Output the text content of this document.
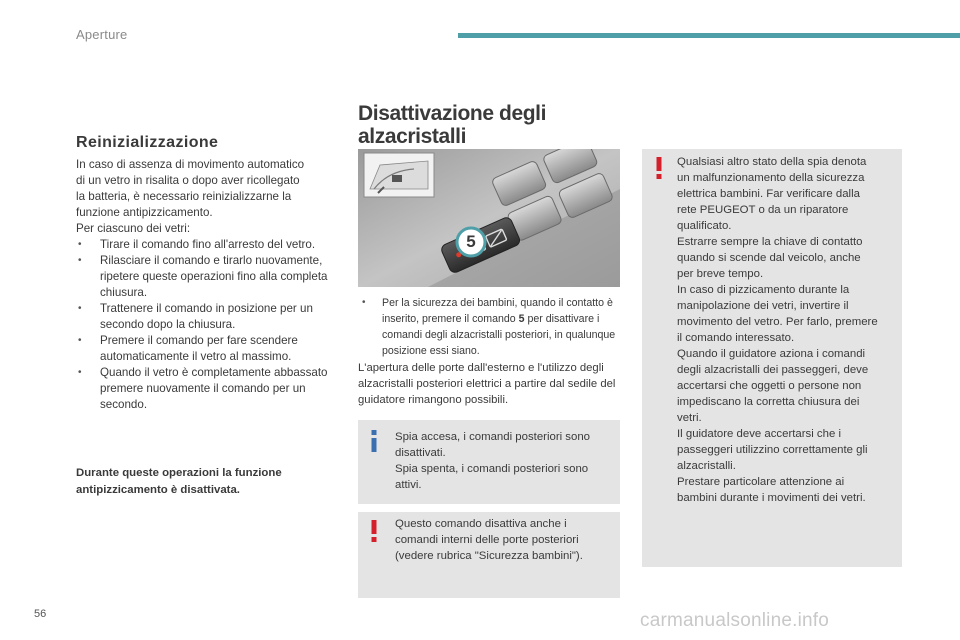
Aperture
Reinizializzazione
In caso di assenza di movimento automatico
di un vetro in risalita o dopo aver ricollegato
la batteria, è necessario reinizializzarne la
funzione antipizzicamento.
Per ciascuno dei vetri:
• Tirare il comando fino all'arresto del vetro.
• Rilasciare il comando e tirarlo nuovamente, ripetere queste operazioni fino alla completa chiusura.
• Trattenere il comando in posizione per un secondo dopo la chiusura.
• Premere il comando per fare scendere automaticamente il vetro al massimo.
• Quando il vetro è completamente abbassato premere nuovamente il comando per un secondo.
Durante queste operazioni la funzione antipizzicamento è disattivata.
Disattivazione degli alzacristalli
5
• Per la sicurezza dei bambini, quando il contatto è inserito, premere il comando 5 per disattivare i comandi degli alzacristalli posteriori, in qualunque posizione essi siano.
L'apertura delle porte dall'esterno e l'utilizzo degli alzacristalli posteriori elettrici a partire dal sedile del guidatore rimangono possibili.
Spia accesa, i comandi posteriori sono
disattivati.
Spia spenta, i comandi posteriori sono
attivi.
Questo comando disattiva anche i
comandi interni delle porte posteriori
(vedere rubrica "Sicurezza bambini").
Qualsiasi altro stato della spia denota
un malfunzionamento della sicurezza
elettrica bambini. Far verificare dalla
rete PEUGEOT o da un riparatore
qualificato.
Estrarre sempre la chiave di contatto
quando si scende dal veicolo, anche
per breve tempo.
In caso di pizzicamento durante la
manipolazione dei vetri, invertire il
movimento del vetro. Per farlo, premere
il comando interessato.
Quando il guidatore aziona i comandi
degli alzacristalli dei passeggeri, deve
accertarsi che oggetti o persone non
impediscano la corretta chiusura dei
vetri.
Il guidatore deve accertarsi che i
passeggeri utilizzino correttamente gli
alzacristalli.
Prestare particolare attenzione ai
bambini durante i movimenti dei vetri.
56	carmanualsonline.info
